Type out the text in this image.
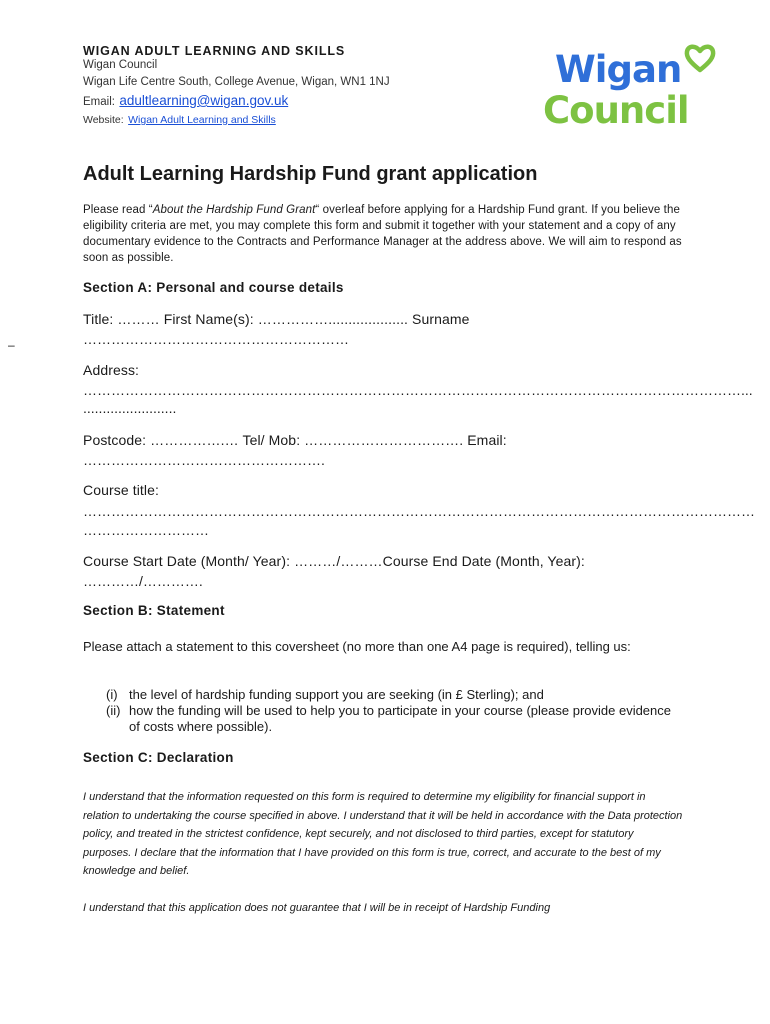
WIGAN ADULT LEARNING AND SKILLS
Wigan Council
Wigan Life Centre South, College Avenue, Wigan, WN1 1NJ
Email: adultlearning@wigan.gov.uk
Website: Wigan Adult Learning and Skills
Wigan
Council
Adult Learning Hardship Fund grant application
Please read “About the Hardship Fund Grant“ overleaf before applying for a Hardship Fund grant. If you believe the eligibility criteria are met, you may complete this form and submit it together with your statement and a copy of any documentary evidence to the Contracts and Performance Manager at the address above. We will aim to respond as soon as possible.
Section A: Personal and course details
Title: ……… First Name(s): …………….................... Surname
…………………………………………………
–
Address:
……………………………………………………………………………………………………………………………...
........................
Postcode: …………….… Tel/ Mob: ……………………………. Email:
…………………………………………….
Course title:
………………………………………………………………………………………………………………………………
………………………
Course Start Date (Month/ Year): ………/………Course End Date (Month, Year):
…………/………….
Section B: Statement
Please attach a statement to this coversheet (no more than one A4 page is required), telling us:
(i) the level of hardship funding support you are seeking (in £ Sterling); and
(ii) how the funding will be used to help you to participate in your course (please provide evidence of costs where possible).
Section C: Declaration
I understand that the information requested on this form is required to determine my eligibility for financial support in relation to undertaking the course specified in above. I understand that it will be held in accordance with the Data protection policy, and treated in the strictest confidence, kept securely, and not disclosed to third parties, except for statutory purposes. I declare that the information that I have provided on this form is true, correct, and accurate to the best of my knowledge and belief.
I understand that this application does not guarantee that I will be in receipt of Hardship Funding
